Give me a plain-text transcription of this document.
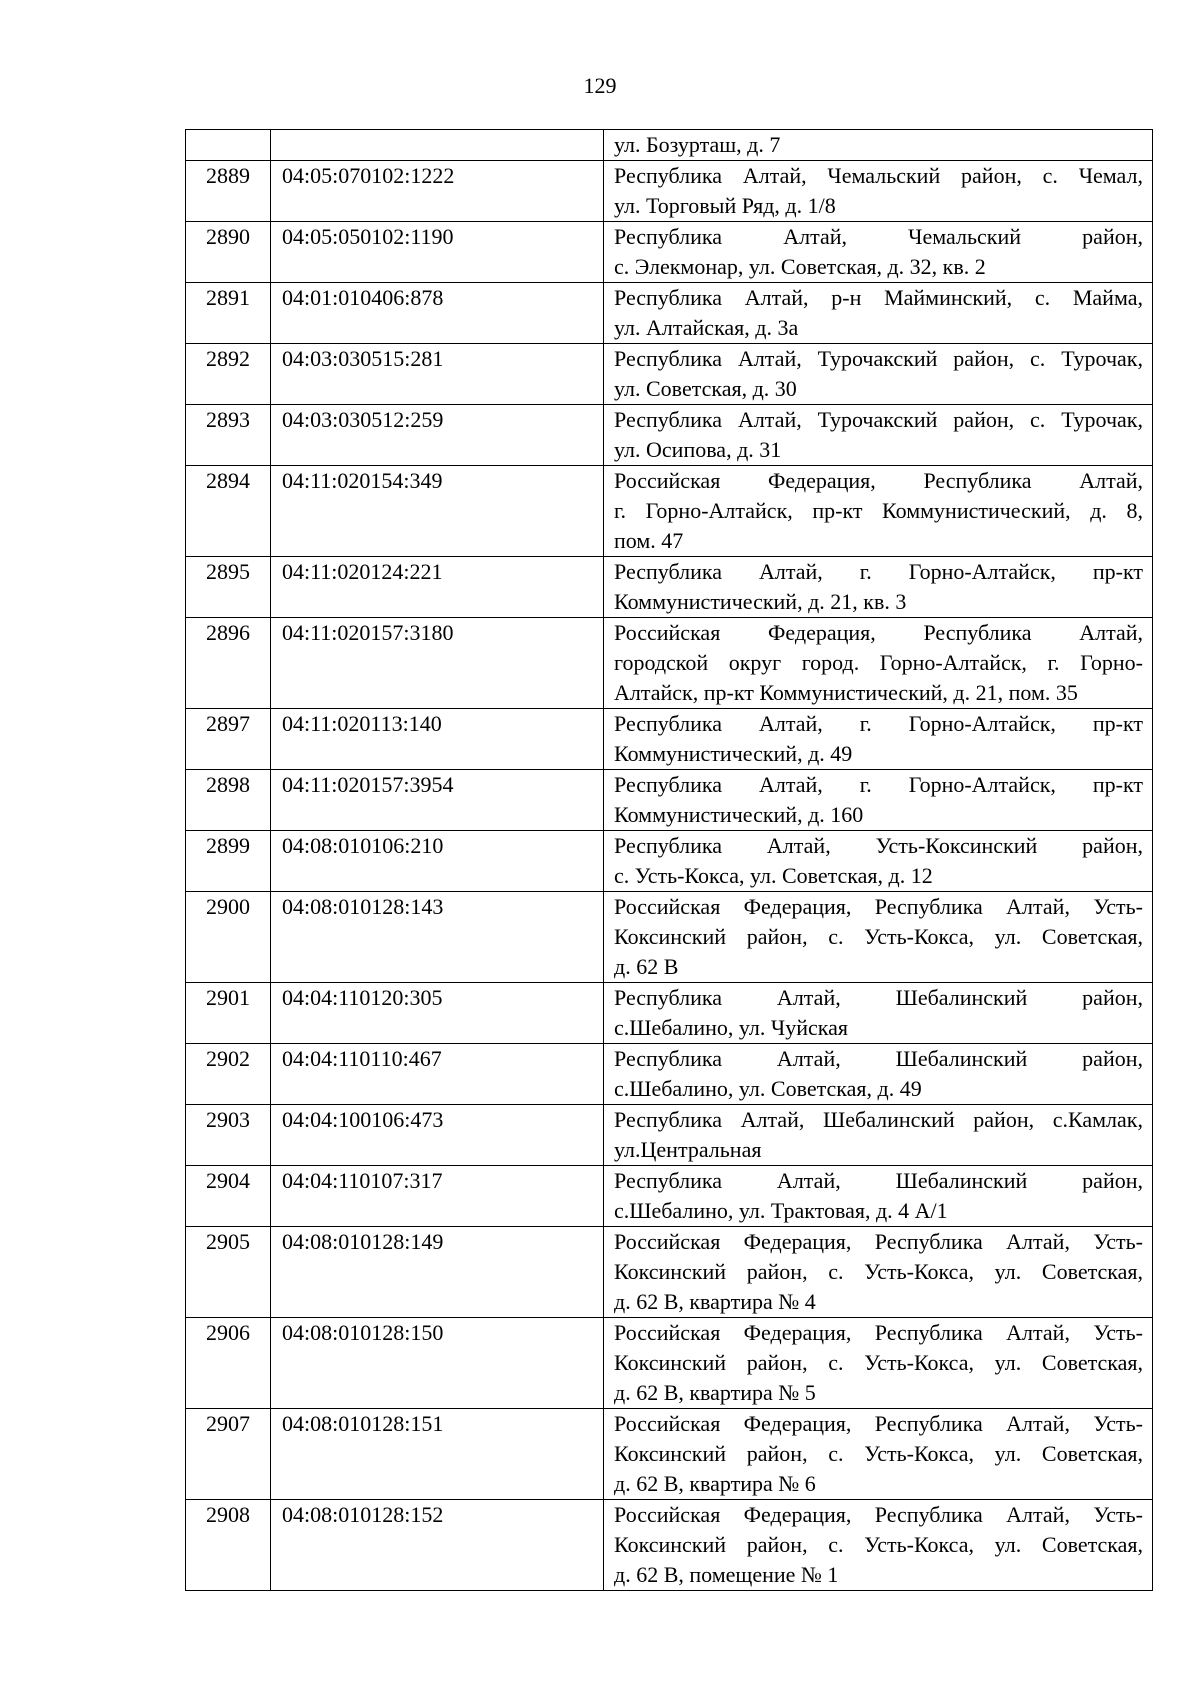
129

		ул. Бозурташ, д. 7

2889	04:05:070102:1222	Республика Алтай, Чемальский район, с. Чемал,
ул. Торговый Ряд, д. 1/8

2890	04:05:050102:1190	Республика Алтай, Чемальский район,
с. Элекмонар, ул. Советская, д. 32, кв. 2

2891	04:01:010406:878	Республика Алтай, р-н Майминский, с. Майма,
ул. Алтайская, д. 3а

2892	04:03:030515:281	Республика Алтай, Турочакский район, с. Турочак,
ул. Советская, д. 30

2893	04:03:030512:259	Республика Алтай, Турочакский район, с. Турочак,
ул. Осипова, д. 31

2894	04:11:020154:349	Российская Федерация, Республика Алтай,
г. Горно-Алтайск, пр-кт Коммунистический, д. 8,
пом. 47

2895	04:11:020124:221	Республика Алтай, г. Горно-Алтайск, пр-кт
Коммунистический, д. 21, кв. 3

2896	04:11:020157:3180	Российская Федерация, Республика Алтай,
городской округ город. Горно-Алтайск, г. Горно-
Алтайск, пр-кт Коммунистический, д. 21, пом. 35

2897	04:11:020113:140	Республика Алтай, г. Горно-Алтайск, пр-кт
Коммунистический, д. 49

2898	04:11:020157:3954	Республика Алтай, г. Горно-Алтайск, пр-кт
Коммунистический, д. 160

2899	04:08:010106:210	Республика Алтай, Усть-Коксинский район,
с. Усть-Кокса, ул. Советская, д. 12

2900	04:08:010128:143	Российская Федерация, Республика Алтай, Усть-
Коксинский район, с. Усть-Кокса, ул. Советская,
д. 62 В

2901	04:04:110120:305	Республика Алтай, Шебалинский район,
с.Шебалино, ул. Чуйская

2902	04:04:110110:467	Республика Алтай, Шебалинский район,
с.Шебалино, ул. Советская, д. 49

2903	04:04:100106:473	Республика Алтай, Шебалинский район, с.Камлак,
ул.Центральная

2904	04:04:110107:317	Республика Алтай, Шебалинский район,
с.Шебалино, ул. Трактовая, д. 4 А/1

2905	04:08:010128:149	Российская Федерация, Республика Алтай, Усть-
Коксинский район, с. Усть-Кокса, ул. Советская,
д. 62 В, квартира № 4

2906	04:08:010128:150	Российская Федерация, Республика Алтай, Усть-
Коксинский район, с. Усть-Кокса, ул. Советская,
д. 62 В, квартира № 5

2907	04:08:010128:151	Российская Федерация, Республика Алтай, Усть-
Коксинский район, с. Усть-Кокса, ул. Советская,
д. 62 В, квартира № 6

2908	04:08:010128:152	Российская Федерация, Республика Алтай, Усть-
Коксинский район, с. Усть-Кокса, ул. Советская,
д. 62 В, помещение № 1
